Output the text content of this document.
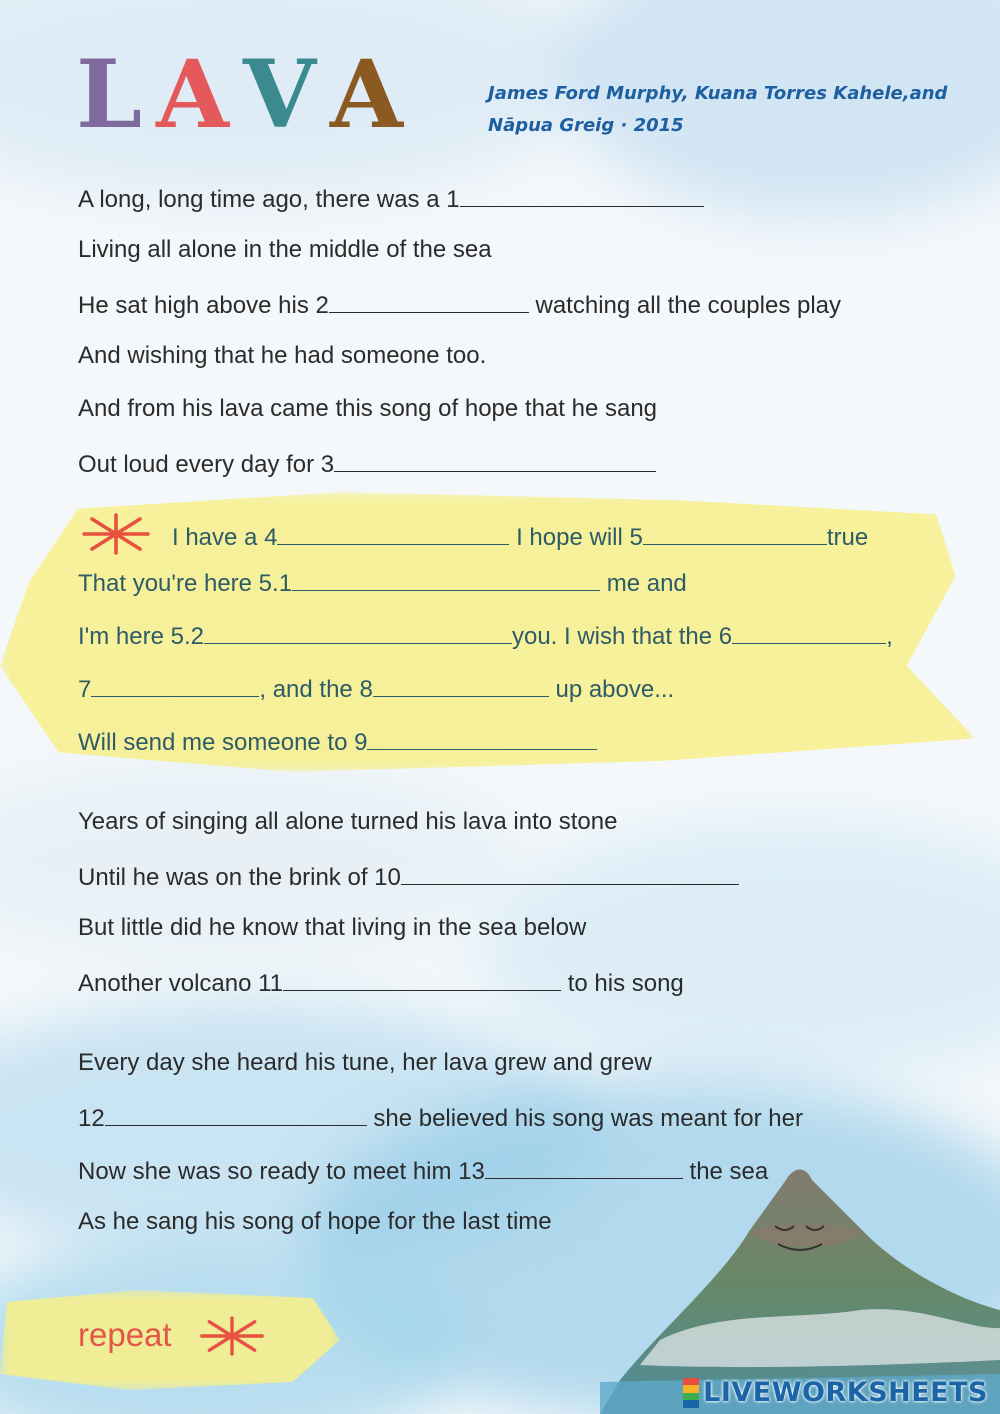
L A V A	James Ford Murphy, Kuana Torres Kahele,and
Nāpua Greig · 2015

A long, long time ago, there was a 1

Living all alone in the middle of the sea

He sat high above his 2	watching all the couples play

And wishing that he had someone too.

And from his lava came this song of hope that he sang

Out loud every day for 3

I have a 4	I hope will 5	true

That you're here 5.1	me and

I'm here 5.2	you. I wish that the 6	,

7	, and the 8	up above...

Will send me someone to 9

Years of singing all alone turned his lava into stone

Until he was on the brink of 10

But little did he know that living in the sea below

Another volcano 11	to his song

Every day she heard his tune, her lava grew and grew

12	she believed his song was meant for her

Now she was so ready to meet him 13	the sea

As he sang his song of hope for the last time

repeat
LIVEWORKSHEETS
